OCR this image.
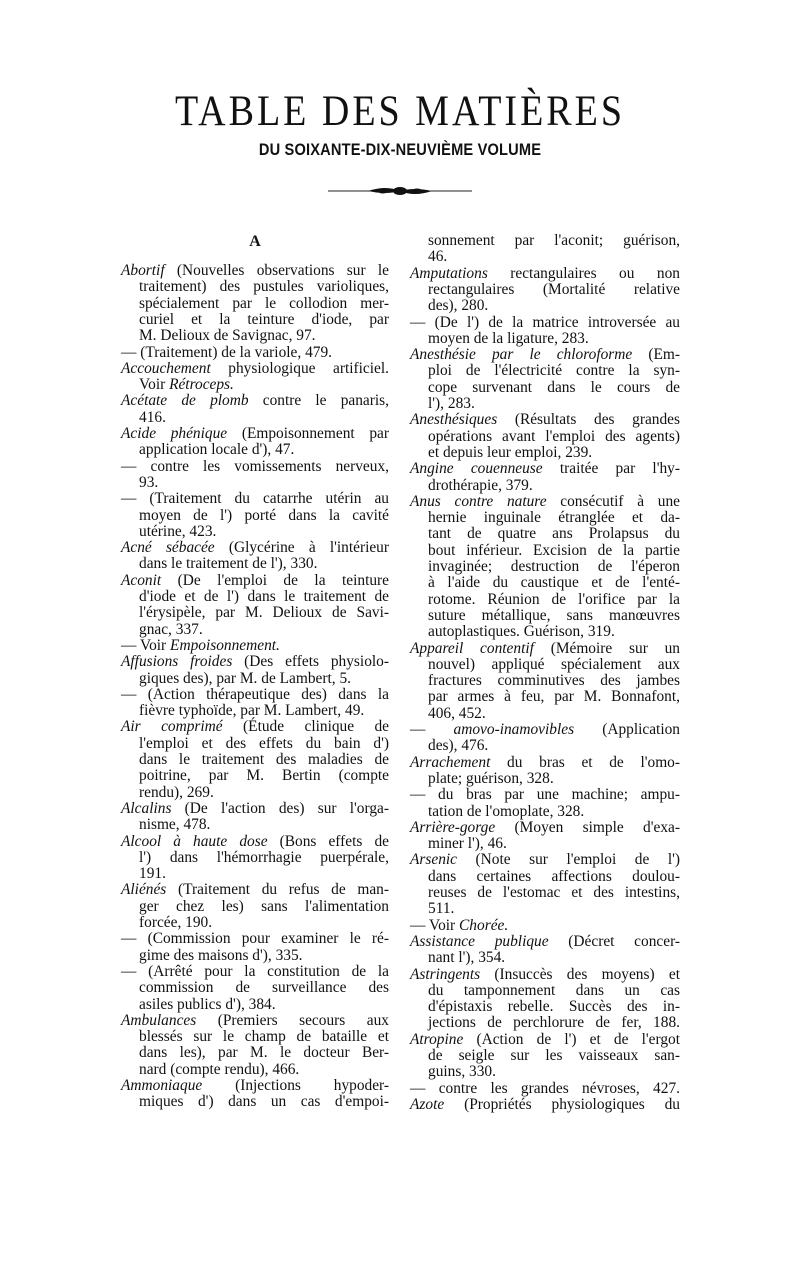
TABLE DES MATIÈRES
DU SOIXANTE-DIX-NEUVIÈME VOLUME
A
Abortif (Nouvelles observations sur le
traitement) des pustules varioliques,
spécialement par le collodion mer-
curiel et la teinture d'iode, par
M. Delioux de Savignac, 97.
— (Traitement) de la variole, 479.
Accouchement physiologique artificiel.
Voir Rétroceps.
Acétate de plomb contre le panaris,
416.
Acide phénique (Empoisonnement par
application locale d'), 47.
— contre les vomissements nerveux,
93.
— (Traitement du catarrhe utérin au
moyen de l') porté dans la cavité
utérine, 423.
Acné sébacée (Glycérine à l'intérieur
dans le traitement de l'), 330.
Aconit (De l'emploi de la teinture
d'iode et de l') dans le traitement de
l'érysipèle, par M. Delioux de Savi-
gnac, 337.
— Voir Empoisonnement.
Affusions froides (Des effets physiolo-
giques des), par M. de Lambert, 5.
— (Action thérapeutique des) dans la
fièvre typhoïde, par M. Lambert, 49.
Air comprimé (Étude clinique de
l'emploi et des effets du bain d')
dans le traitement des maladies de
poitrine, par M. Bertin (compte
rendu), 269.
Alcalins (De l'action des) sur l'orga-
nisme, 478.
Alcool à haute dose (Bons effets de
l') dans l'hémorrhagie puerpérale,
191.
Aliénés (Traitement du refus de man-
ger chez les) sans l'alimentation
forcée, 190.
— (Commission pour examiner le ré-
gime des maisons d'), 335.
— (Arrêté pour la constitution de la
commission de surveillance des
asiles publics d'), 384.
Ambulances (Premiers secours aux
blessés sur le champ de bataille et
dans les), par M. le docteur Ber-
nard (compte rendu), 466.
Ammoniaque (Injections hypoder-
miques d') dans un cas d'empoi-
sonnement par l'aconit; guérison,
46.
Amputations rectangulaires ou non
rectangulaires (Mortalité relative
des), 280.
— (De l') de la matrice introversée au
moyen de la ligature, 283.
Anesthésie par le chloroforme (Em-
ploi de l'électricité contre la syn-
cope survenant dans le cours de
l'), 283.
Anesthésiques (Résultats des grandes
opérations avant l'emploi des agents)
et depuis leur emploi, 239.
Angine couenneuse traitée par l'hy-
drothérapie, 379.
Anus contre nature consécutif à une
hernie inguinale étranglée et da-
tant de quatre ans Prolapsus du
bout inférieur. Excision de la partie
invaginée; destruction de l'éperon
à l'aide du caustique et de l'enté-
rotome. Réunion de l'orifice par la
suture métallique, sans manœuvres
autoplastiques. Guérison, 319.
Appareil contentif (Mémoire sur un
nouvel) appliqué spécialement aux
fractures comminutives des jambes
par armes à feu, par M. Bonnafont,
406, 452.
— amovo-inamovibles (Application
des), 476.
Arrachement du bras et de l'omo-
plate; guérison, 328.
— du bras par une machine; ampu-
tation de l'omoplate, 328.
Arrière-gorge (Moyen simple d'exa-
miner l'), 46.
Arsenic (Note sur l'emploi de l')
dans certaines affections doulou-
reuses de l'estomac et des intestins,
511.
— Voir Chorée.
Assistance publique (Décret concer-
nant l'), 354.
Astringents (Insuccès des moyens) et
du tamponnement dans un cas
d'épistaxis rebelle. Succès des in-
jections de perchlorure de fer, 188.
Atropine (Action de l') et de l'ergot
de seigle sur les vaisseaux san-
guins, 330.
— contre les grandes névroses, 427.
Azote (Propriétés physiologiques du
